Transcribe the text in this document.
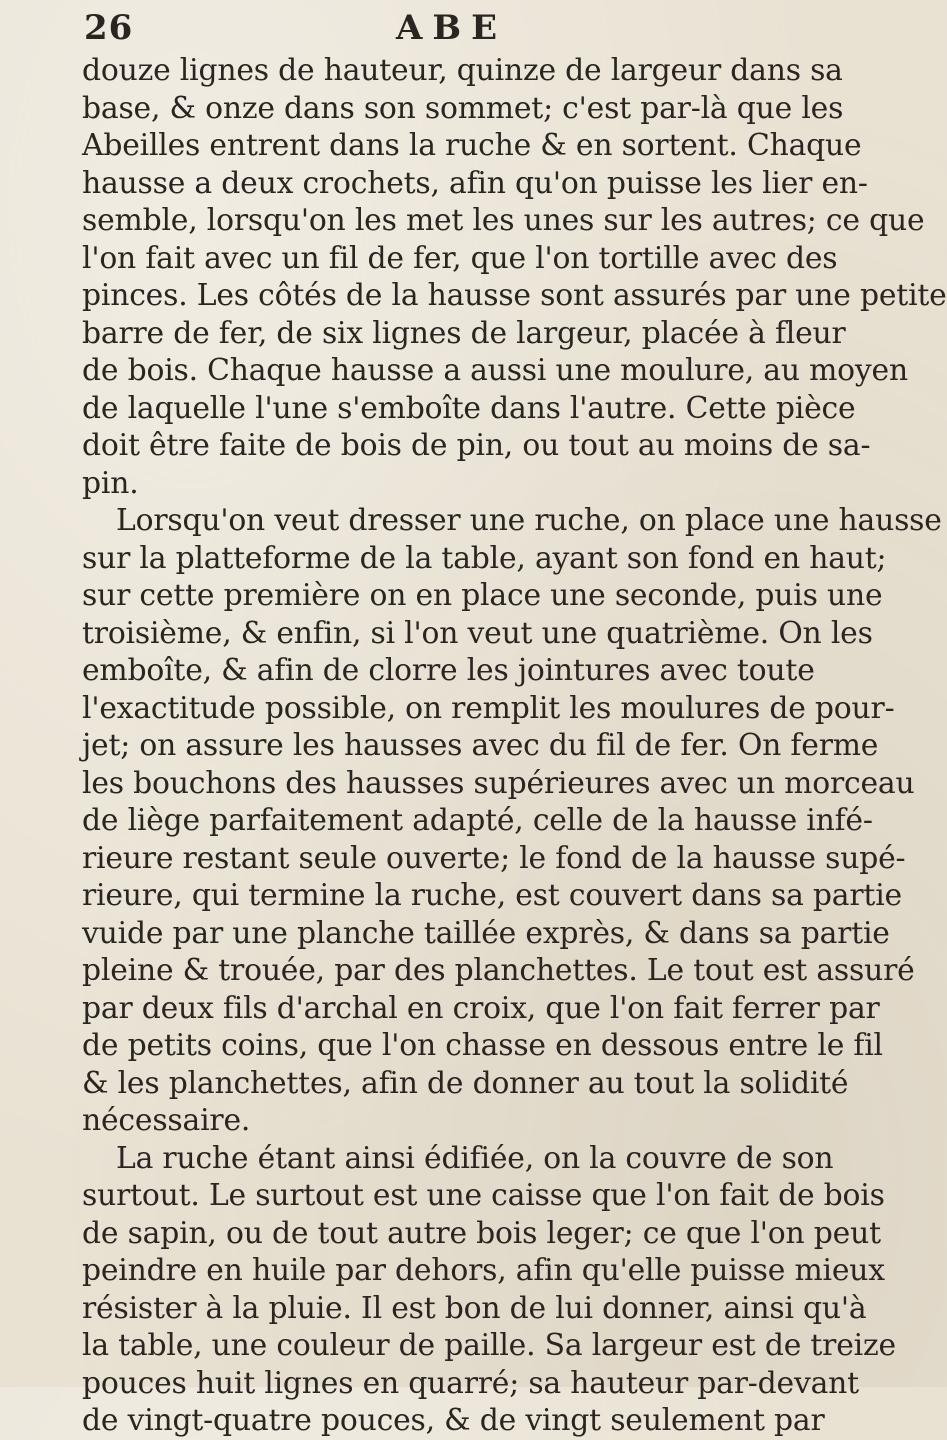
26	ABE
douze lignes de hauteur, quinze de largeur dans sa
base, & onze dans son sommet; c'est par-là que les
Abeilles entrent dans la ruche & en sortent. Chaque
hausse a deux crochets, afin qu'on puisse les lier en-
semble, lorsqu'on les met les unes sur les autres; ce que
l'on fait avec un fil de fer, que l'on tortille avec des
pinces. Les côtés de la hausse sont assurés par une petite
barre de fer, de six lignes de largeur, placée à fleur
de bois. Chaque hausse a aussi une moulure, au moyen
de laquelle l'une s'emboîte dans l'autre. Cette pièce
doit être faite de bois de pin, ou tout au moins de sa-
pin.
Lorsqu'on veut dresser une ruche, on place une hausse
sur la platteforme de la table, ayant son fond en haut;
sur cette première on en place une seconde, puis une
troisième, & enfin, si l'on veut une quatrième. On les
emboîte, & afin de clorre les jointures avec toute
l'exactitude possible, on remplit les moulures de pour-
jet; on assure les hausses avec du fil de fer. On ferme
les bouchons des hausses supérieures avec un morceau
de liège parfaitement adapté, celle de la hausse infé-
rieure restant seule ouverte; le fond de la hausse supé-
rieure, qui termine la ruche, est couvert dans sa partie
vuide par une planche taillée exprès, & dans sa partie
pleine & trouée, par des planchettes. Le tout est assuré
par deux fils d'archal en croix, que l'on fait ferrer par
de petits coins, que l'on chasse en dessous entre le fil
& les planchettes, afin de donner au tout la solidité
nécessaire.
La ruche étant ainsi édifiée, on la couvre de son
surtout. Le surtout est une caisse que l'on fait de bois
de sapin, ou de tout autre bois leger; ce que l'on peut
peindre en huile par dehors, afin qu'elle puisse mieux
résister à la pluie. Il est bon de lui donner, ainsi qu'à
la table, une couleur de paille. Sa largeur est de treize
pouces huit lignes en quarré; sa hauteur par-devant
de vingt-quatre pouces, & de vingt seulement par
